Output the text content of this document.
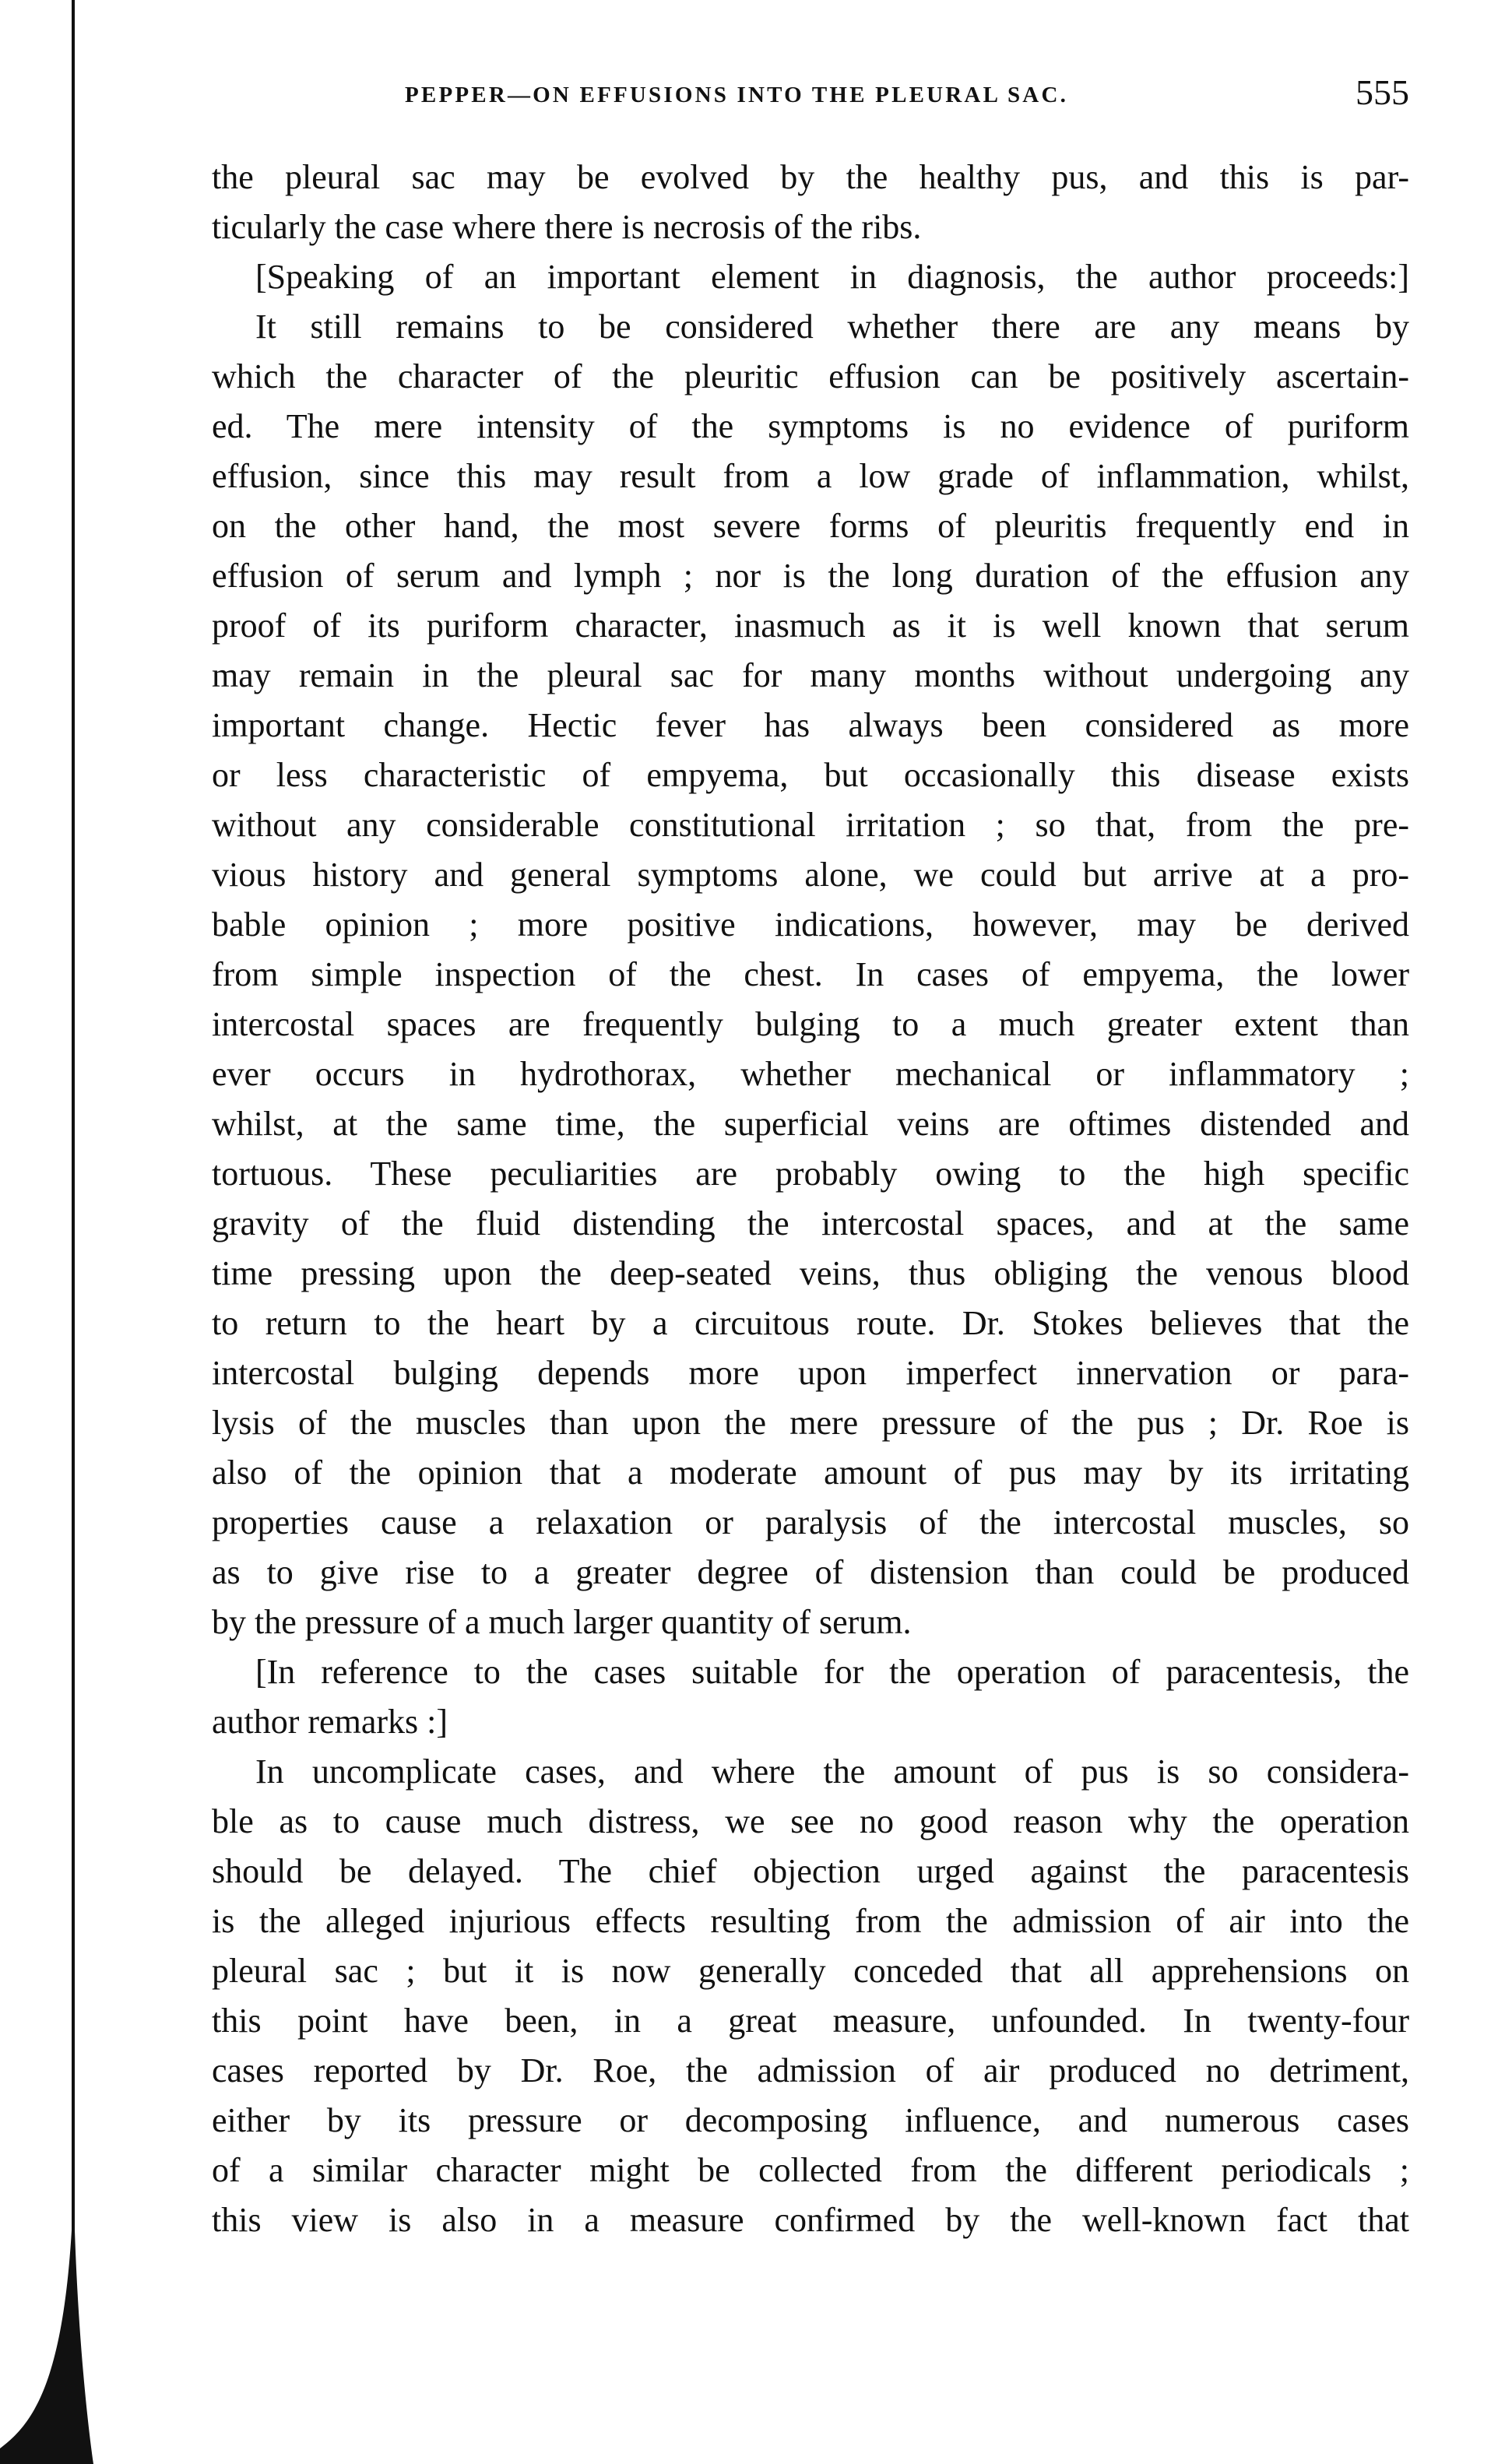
PEPPER—ON EFFUSIONS INTO THE PLEURAL SAC.	555
the pleural sac may be evolved by the healthy pus, and this is par-
ticularly the case where there is necrosis of the ribs.
[Speaking of an important element in diagnosis, the author proceeds:]
It still remains to be considered whether there are any means by
which the character of the pleuritic effusion can be positively ascertain-
ed. The mere intensity of the symptoms is no evidence of puriform
effusion, since this may result from a low grade of inflammation, whilst,
on the other hand, the most severe forms of pleuritis frequently end in
effusion of serum and lymph ; nor is the long duration of the effusion any
proof of its puriform character, inasmuch as it is well known that serum
may remain in the pleural sac for many months without undergoing any
important change. Hectic fever has always been considered as more
or less characteristic of empyema, but occasionally this disease exists
without any considerable constitutional irritation ; so that, from the pre-
vious history and general symptoms alone, we could but arrive at a pro-
bable opinion ; more positive indications, however, may be derived
from simple inspection of the chest. In cases of empyema, the lower
intercostal spaces are frequently bulging to a much greater extent than
ever occurs in hydrothorax, whether mechanical or inflammatory ;
whilst, at the same time, the superficial veins are oftimes distended and
tortuous. These peculiarities are probably owing to the high specific
gravity of the fluid distending the intercostal spaces, and at the same
time pressing upon the deep-seated veins, thus obliging the venous blood
to return to the heart by a circuitous route. Dr. Stokes believes that the
intercostal bulging depends more upon imperfect innervation or para-
lysis of the muscles than upon the mere pressure of the pus ; Dr. Roe is
also of the opinion that a moderate amount of pus may by its irritating
properties cause a relaxation or paralysis of the intercostal muscles, so
as to give rise to a greater degree of distension than could be produced
by the pressure of a much larger quantity of serum.
[In reference to the cases suitable for the operation of paracentesis, the
author remarks :]
In uncomplicate cases, and where the amount of pus is so considera-
ble as to cause much distress, we see no good reason why the operation
should be delayed. The chief objection urged against the paracentesis
is the alleged injurious effects resulting from the admission of air into the
pleural sac ; but it is now generally conceded that all apprehensions on
this point have been, in a great measure, unfounded. In twenty-four
cases reported by Dr. Roe, the admission of air produced no detriment,
either by its pressure or decomposing influence, and numerous cases
of a similar character might be collected from the different periodicals ;
this view is also in a measure confirmed by the well-known fact that
